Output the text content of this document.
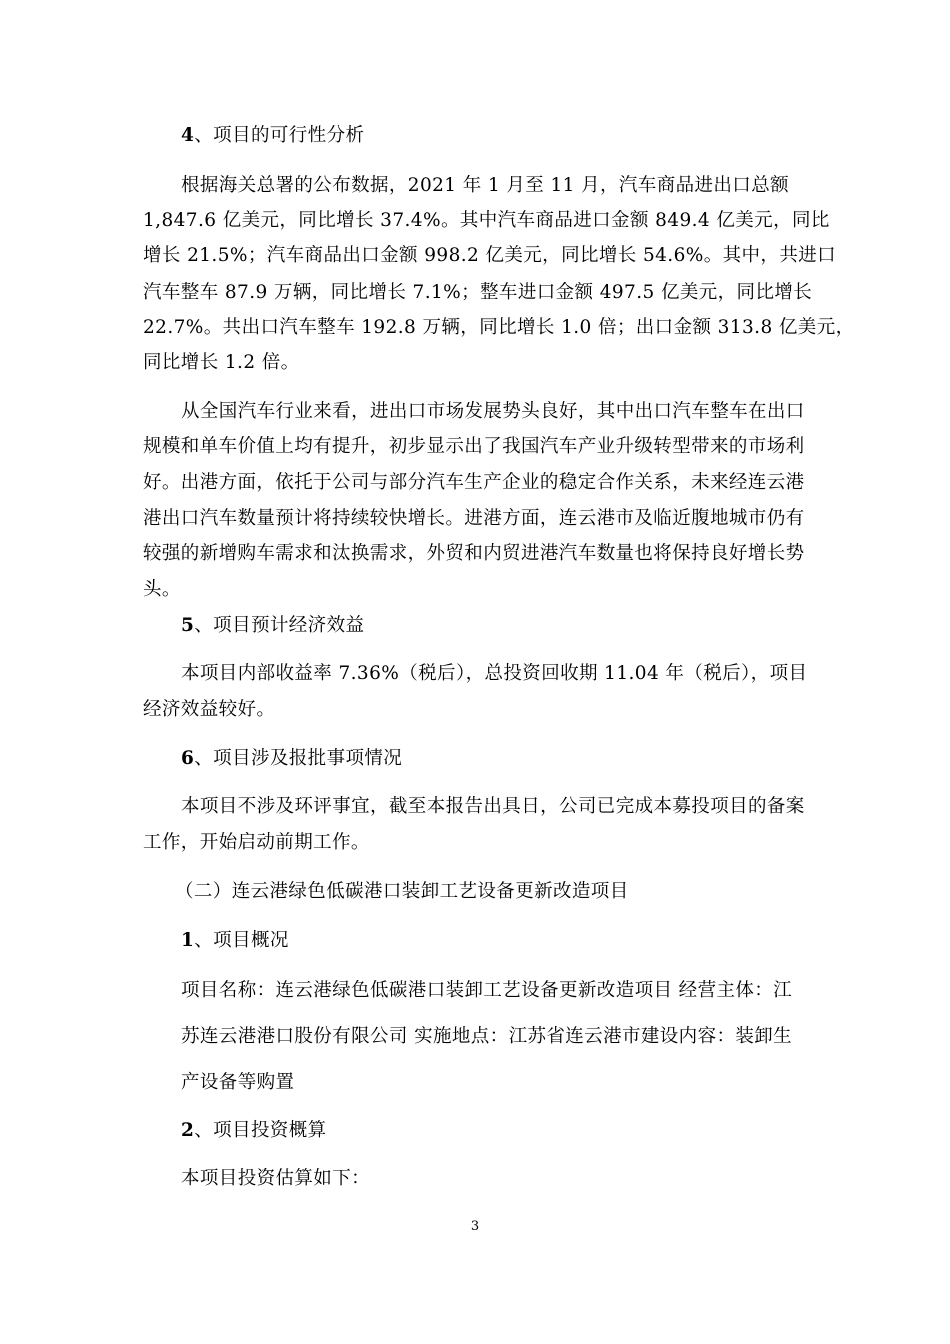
4、项目的可行性分析
根据海关总署的公布数据，2021 年 1 月至 11 月，汽车商品进出口总额
1,847.6 亿美元，同比增长 37.4%。其中汽车商品进口金额 849.4 亿美元，同比
增长 21.5%；汽车商品出口金额 998.2 亿美元，同比增长 54.6%。其中，共进口
汽车整车 87.9 万辆，同比增长 7.1%；整车进口金额 497.5 亿美元，同比增长
22.7%。共出口汽车整车 192.8 万辆，同比增长 1.0 倍；出口金额 313.8 亿美元，
同比增长 1.2 倍。
从全国汽车行业来看，进出口市场发展势头良好，其中出口汽车整车在出口
规模和单车价值上均有提升，初步显示出了我国汽车产业升级转型带来的市场利
好。出港方面，依托于公司与部分汽车生产企业的稳定合作关系，未来经连云港
港出口汽车数量预计将持续较快增长。进港方面，连云港市及临近腹地城市仍有
较强的新增购车需求和汰换需求，外贸和内贸进港汽车数量也将保持良好增长势
头。
5、项目预计经济效益
本项目内部收益率 7.36%（税后），总投资回收期 11.04 年（税后），项目
经济效益较好。
6、项目涉及报批事项情况
本项目不涉及环评事宜，截至本报告出具日，公司已完成本募投项目的备案
工作，开始启动前期工作。
（二）连云港绿色低碳港口装卸工艺设备更新改造项目
1、项目概况
项目名称：连云港绿色低碳港口装卸工艺设备更新改造项目 经营主体：江
苏连云港港口股份有限公司 实施地点：江苏省连云港市建设内容：装卸生
产设备等购置
2、项目投资概算
本项目投资估算如下：
3
